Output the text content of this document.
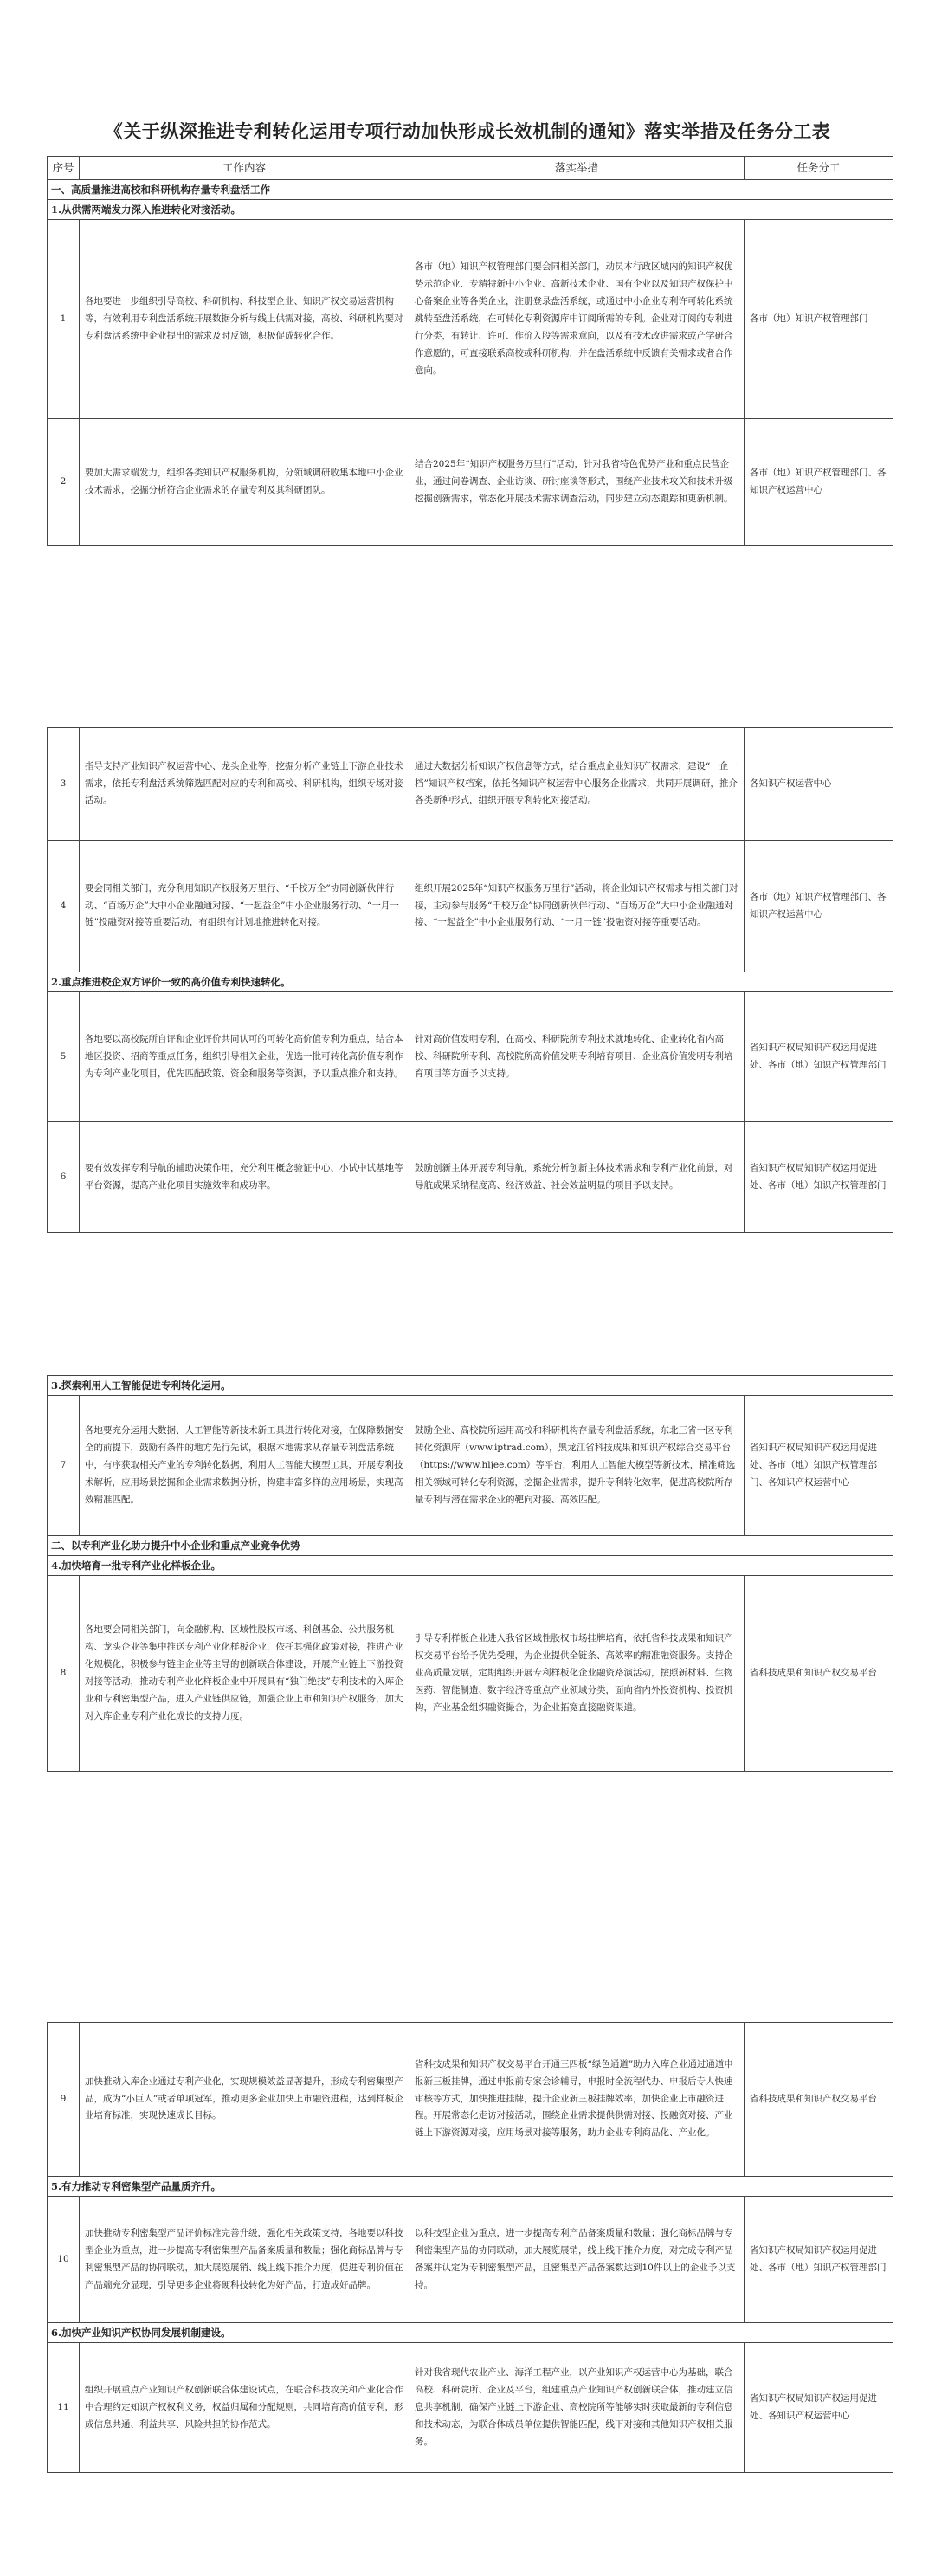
《关于纵深推进专利转化运用专项行动加快形成长效机制的通知》落实举措及任务分工表
序号	工作内容	落实举措	任务分工
一、高质量推进高校和科研机构存量专利盘活工作			
1.从供需两端发力深入推进转化对接活动。			
1	各地要进一步组织引导高校、科研机构、科技型企业、知识产权交易运营机构等，有效利用专利盘活系统开展数据分析与线上供需对接，高校、科研机构要对专利盘活系统中企业提出的需求及时反馈，积极促成转化合作。	各市（地）知识产权管理部门要会同相关部门，动员本行政区域内的知识产权优势示范企业、专精特新中小企业、高新技术企业、国有企业以及知识产权保护中心备案企业等各类企业，注册登录盘活系统，或通过中小企业专利许可转化系统跳转至盘活系统，在可转化专利资源库中订阅所需的专利。企业对订阅的专利进行分类，有转让、许可、作价入股等需求意向，以及有技术改进需求或产学研合作意愿的，可直接联系高校或科研机构，并在盘活系统中反馈有关需求或者合作意向。	各市（地）知识产权管理部门
2	要加大需求端发力，组织各类知识产权服务机构，分领域调研收集本地中小企业技术需求，挖掘分析符合企业需求的存量专利及其科研团队。	结合2025年“知识产权服务万里行”活动，针对我省特色优势产业和重点民营企业，通过问卷调查、企业访谈、研讨座谈等形式，围绕产业技术攻关和技术升级挖掘创新需求，常态化开展技术需求调查活动，同步建立动态跟踪和更新机制。	各市（地）知识产权管理部门、各知识产权运营中心
3	指导支持产业知识产权运营中心、龙头企业等，挖掘分析产业链上下游企业技术需求，依托专利盘活系统筛选匹配对应的专利和高校、科研机构，组织专场对接活动。	通过大数据分析知识产权信息等方式，结合重点企业知识产权需求，建设“一企一档”知识产权档案，依托各知识产权运营中心服务企业需求，共同开展调研，推介各类新种形式，组织开展专利转化对接活动。	各知识产权运营中心
4	要会同相关部门，充分利用知识产权服务万里行、“千校万企”协同创新伙伴行动、“百场万企”大中小企业融通对接、“一起益企”中小企业服务行动、“一月一链”投融资对接等重要活动，有组织有计划地推进转化对接。	组织开展2025年“知识产权服务万里行”活动，将企业知识产权需求与相关部门对接，主动参与服务“千校万企”协同创新伙伴行动、“百场万企”大中小企业融通对接、“一起益企”中小企业服务行动、“一月一链”投融资对接等重要活动。	各市（地）知识产权管理部门、各知识产权运营中心
2.重点推进校企双方评价一致的高价值专利快速转化。			
5	各地要以高校院所自评和企业评价共同认可的可转化高价值专利为重点，结合本地区投资、招商等重点任务，组织引导相关企业，优选一批可转化高价值专利作为专利产业化项目，优先匹配政策、资金和服务等资源，予以重点推介和支持。	针对高价值发明专利，在高校、科研院所专利技术就地转化、企业转化省内高校、科研院所专利、高校院所高价值发明专利培育项目、企业高价值发明专利培育项目等方面予以支持。	省知识产权局知识产权运用促进处、各市（地）知识产权管理部门
6	要有效发挥专利导航的辅助决策作用，充分利用概念验证中心、小试中试基地等平台资源，提高产业化项目实施效率和成功率。	鼓励创新主体开展专利导航，系统分析创新主体技术需求和专利产业化前景，对导航成果采纳程度高、经济效益、社会效益明显的项目予以支持。	省知识产权局知识产权运用促进处、各市（地）知识产权管理部门
3.探索利用人工智能促进专利转化运用。			
7	各地要充分运用大数据、人工智能等新技术新工具进行转化对接，在保障数据安全的前提下，鼓励有条件的地方先行先试，根据本地需求从存量专利盘活系统中，有序获取相关产业的专利转化数据，利用人工智能大模型工具，开展专利技术解析，应用场景挖掘和企业需求数据分析，构建丰富多样的应用场景，实现高效精准匹配。	鼓励企业、高校院所运用高校和科研机构存量专利盘活系统，东北三省一区专利转化资源库（www.iptrad.com），黑龙江省科技成果和知识产权综合交易平台（https://www.hljee.com）等平台，利用人工智能大模型等新技术，精准筛选相关领域可转化专利资源，挖掘企业需求，提升专利转化效率，促进高校院所存量专利与潜在需求企业的靶向对接、高效匹配。	省知识产权局知识产权运用促进处、各市（地）知识产权管理部门、各知识产权运营中心
二、以专利产业化助力提升中小企业和重点产业竞争优势			
4.加快培育一批专利产业化样板企业。			
8	各地要会同相关部门，向金融机构、区域性股权市场、科创基金、公共服务机构、龙头企业等集中推送专利产业化样板企业，依托其强化政策对接，推进产业化规模化，积极参与链主企业等主导的创新联合体建设，开展产业链上下游投资对接等活动，推动专利产业化样板企业中开展具有“独门绝技”专利技术的入库企业和专利密集型产品，进入产业链供应链，加强企业上市和知识产权服务，加大对入库企业专利产业化成长的支持力度。	引导专利样板企业进入我省区域性股权市场挂牌培育，依托省科技成果和知识产权交易平台给予优先受理，为企业提供全链条、高效率的精准融资服务。支持企业高质量发展，定期组织开展专利样板化企业融资路演活动，按照新材料、生物医药、智能制造、数字经济等重点产业领域分类，面向省内外投资机构、投资机构，产业基金组织融资撮合，为企业拓宽直接融资渠道。	省科技成果和知识产权交易平台
9	加快推动入库企业通过专利产业化，实现规模效益显著提升，形成专利密集型产品，成为“小巨人”或者单项冠军，推动更多企业加快上市融资进程，达到样板企业培育标准，实现快速成长目标。	省科技成果和知识产权交易平台开通三四板“绿色通道”助力入库企业通过通道申报新三板挂牌，通过申报前专家会诊辅导，申报时全流程代办、申报后专人快速审核等方式，加快推进挂牌，提升企业新三板挂牌效率，加快企业上市融资进程。开展常态化走访对接活动，围绕企业需求提供供需对接、投融资对接、产业链上下游资源对接，应用场景对接等服务，助力企业专利商品化、产业化。	省科技成果和知识产权交易平台
5.有力推动专利密集型产品量质齐升。			
10	加快推动专利密集型产品评价标准完善升级，强化相关政策支持，各地要以科技型企业为重点，进一步提高专利密集型产品备案质量和数量；强化商标品牌与专利密集型产品的协同联动，加大展览展销、线上线下推介力度，促进专利价值在产品端充分显现，引导更多企业将硬科技转化为好产品，打造成好品牌。	以科技型企业为重点，进一步提高专利产品备案质量和数量；强化商标品牌与专利密集型产品的协同联动，加大展览展销，线上线下推介力度，对完成专利产品备案并认定为专利密集型产品，且密集型产品备案数达到10件以上的企业予以支持。	省知识产权局知识产权运用促进处、各市（地）知识产权管理部门
6.加快产业知识产权协同发展机制建设。			
11	组织开展重点产业知识产权创新联合体建设试点，在联合科技攻关和产业化合作中合理约定知识产权权利义务，权益归属和分配规则，共同培育高价值专利，形成信息共通、利益共享、风险共担的协作范式。	针对我省现代农业产业、海洋工程产业，以产业知识产权运营中心为基础，联合高校、科研院所、企业及平台，组建重点产业知识产权创新联合体，推动建立信息共享机制，确保产业链上下游企业、高校院所等能够实时获取最新的专利信息和技术动态，为联合体成员单位提供智能匹配，线下对接和其他知识产权相关服务。	省知识产权局知识产权运用促进处、各知识产权运营中心
